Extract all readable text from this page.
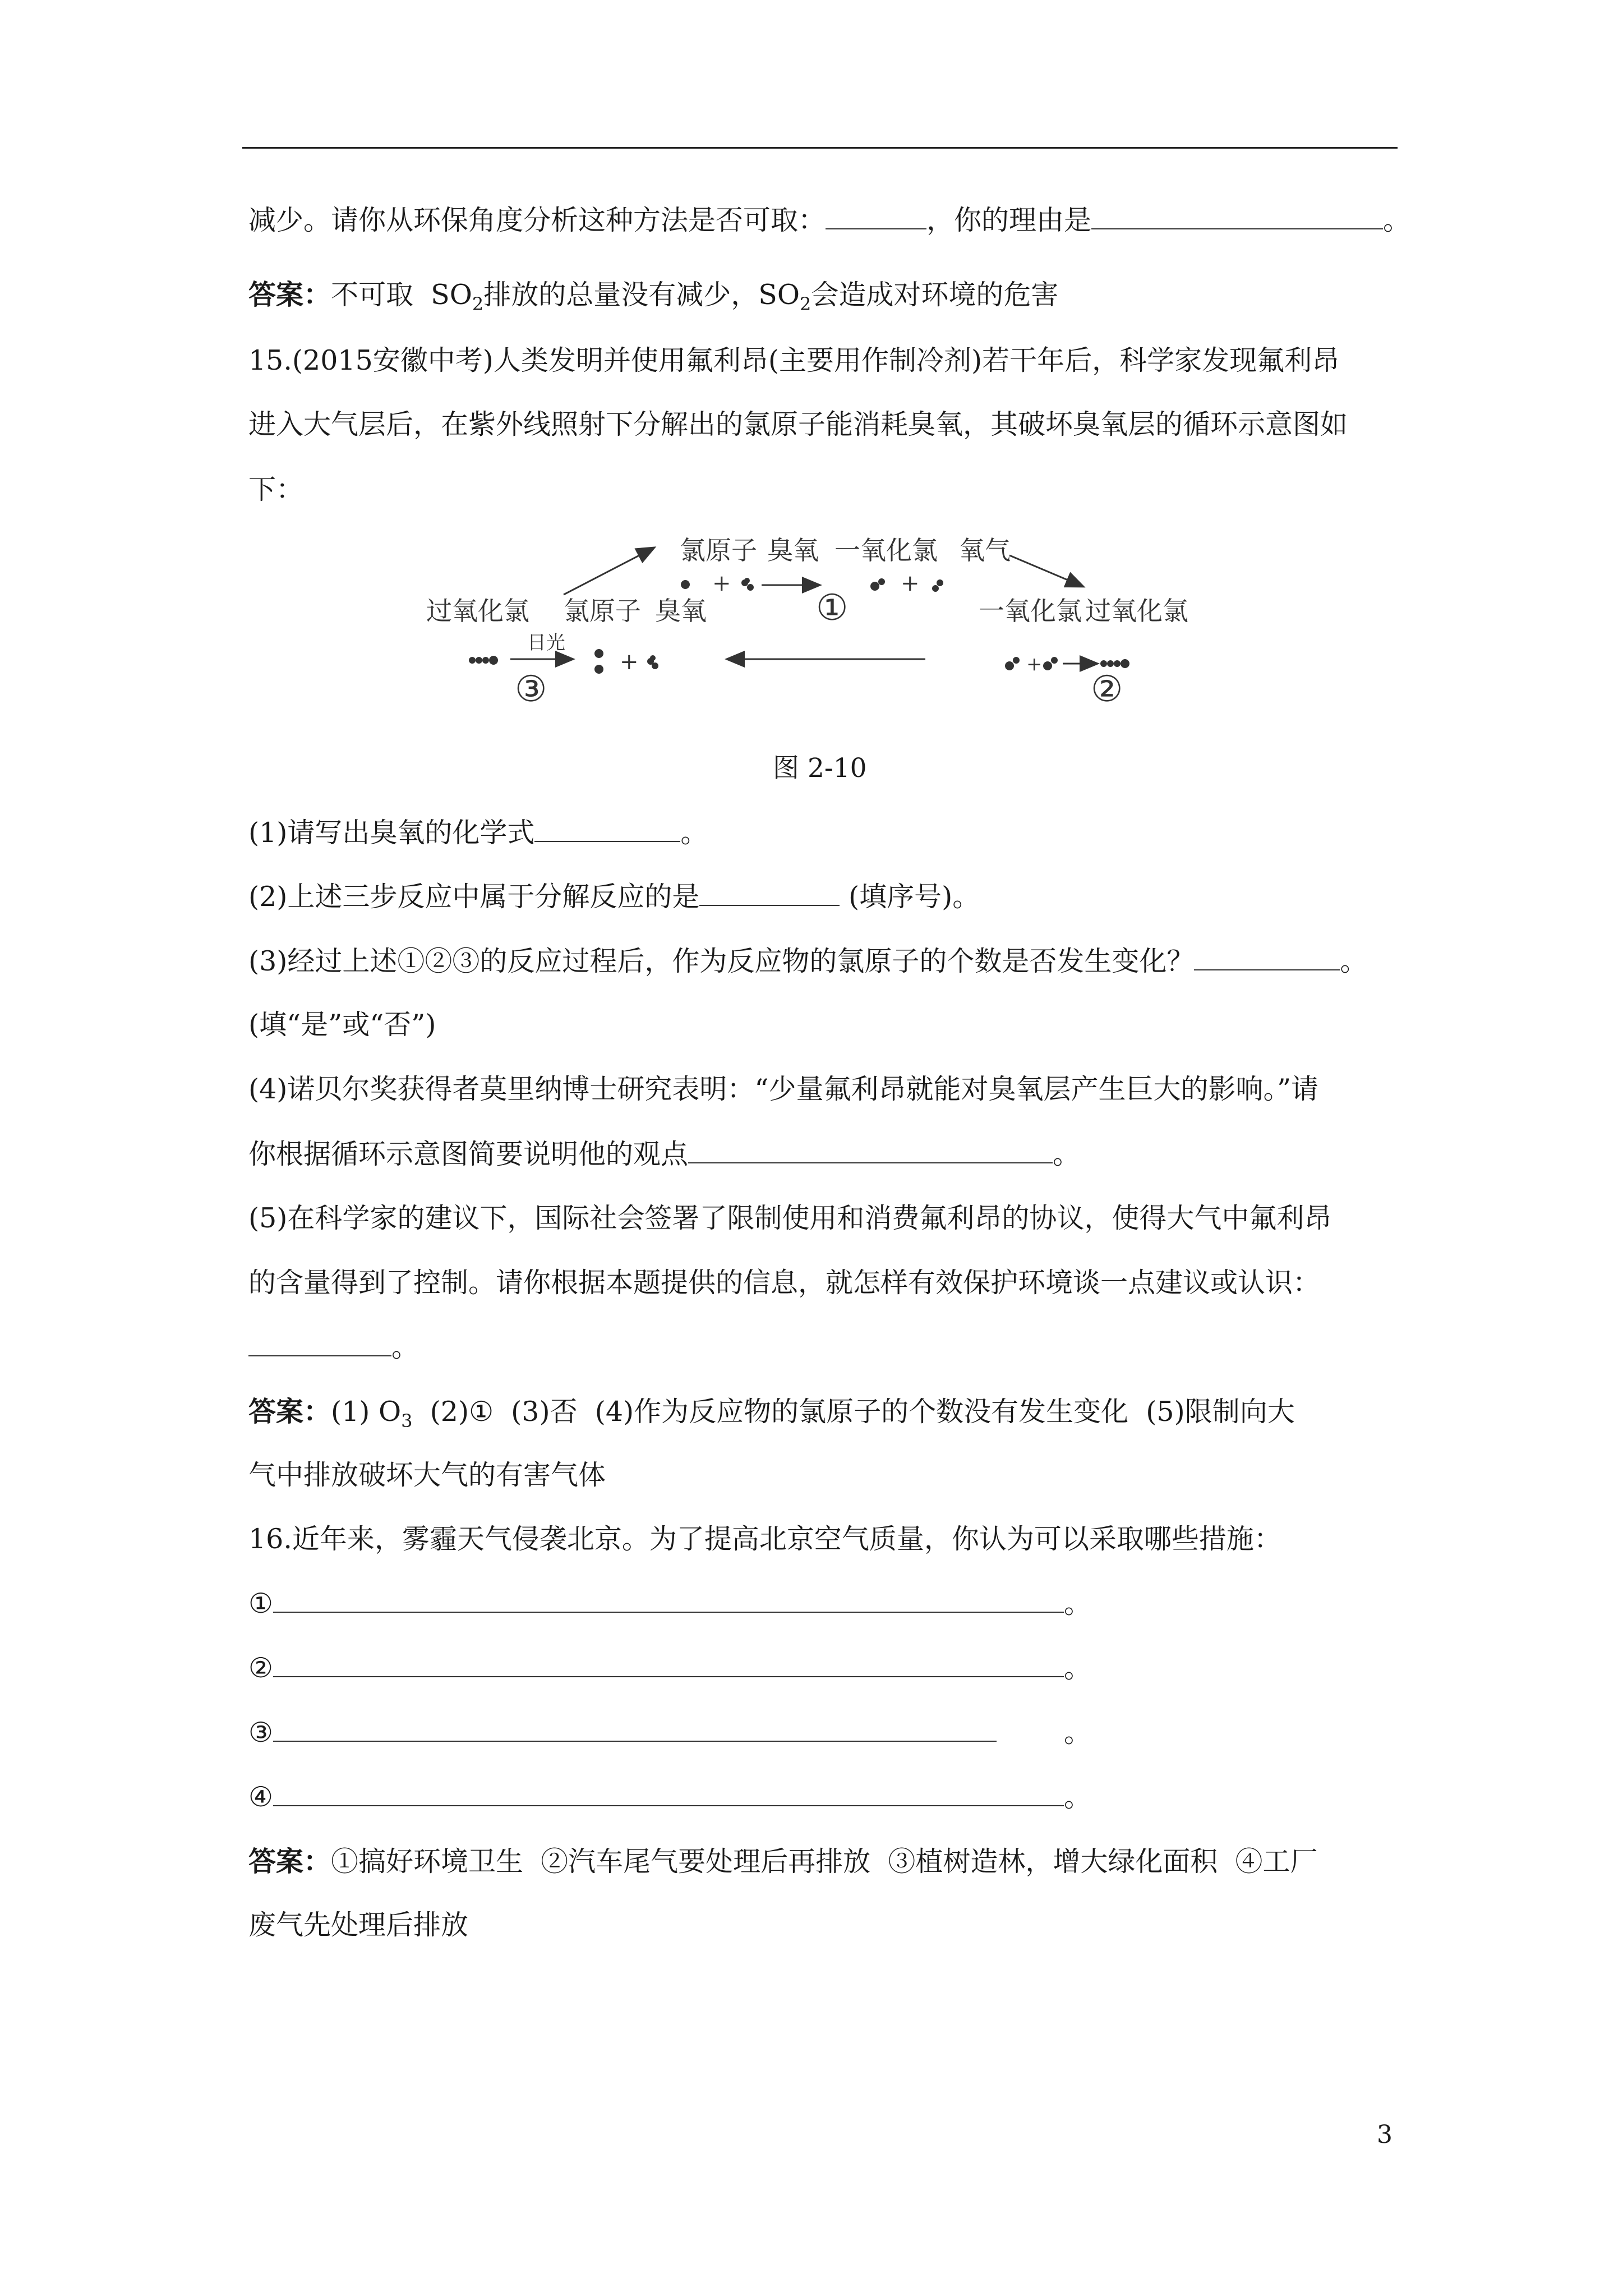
减少。请你从环保角度分析这种方法是否可取：	，你的理由是	。
答案：不可取  $SO_2$排放的总量没有减少，$SO_2$会造成对环境的危害
15.(2015安徽中考)人类发明并使用氟利昂(主要用作制冷剂)若干年后，科学家发现氟利昂
进入大气层后，在紫外线照射下分解出的氯原子能消耗臭氧，其破坏臭氧层的循环示意图如
下：
氯原子 臭氧 一氧化氯 氧气
+	+
①
过氧化氯 氯原子 臭氧	一氧化氯 过氧化氯
日光
+
③
+
②
图 2-10
(1)请写出臭氧的化学式	。
(2)上述三步反应中属于分解反应的是	(填序号)。
(3)经过上述①②③的反应过程后，作为反应物的氯原子的个数是否发生变化？	。
(填“是”或“否”)
(4)诺贝尔奖获得者莫里纳博士研究表明：“少量氟利昂就能对臭氧层产生巨大的影响。”请
你根据循环示意图简要说明他的观点	。
(5)在科学家的建议下，国际社会签署了限制使用和消费氟利昂的协议，使得大气中氟利昂
的含量得到了控制。请你根据本题提供的信息，就怎样有效保护环境谈一点建议或认识：
。
答案：(1) $O_3$  (2)①  (3)否  (4)作为反应物的氯原子的个数没有发生变化  (5)限制向大
气中排放破坏大气的有害气体
16.近年来，雾霾天气侵袭北京。为了提高北京空气质量，你认为可以采取哪些措施：
①	。
②	。
③	。
④	。
答案：①搞好环境卫生  ②汽车尾气要处理后再排放  ③植树造林，增大绿化面积  ④工厂
废气先处理后排放
3
